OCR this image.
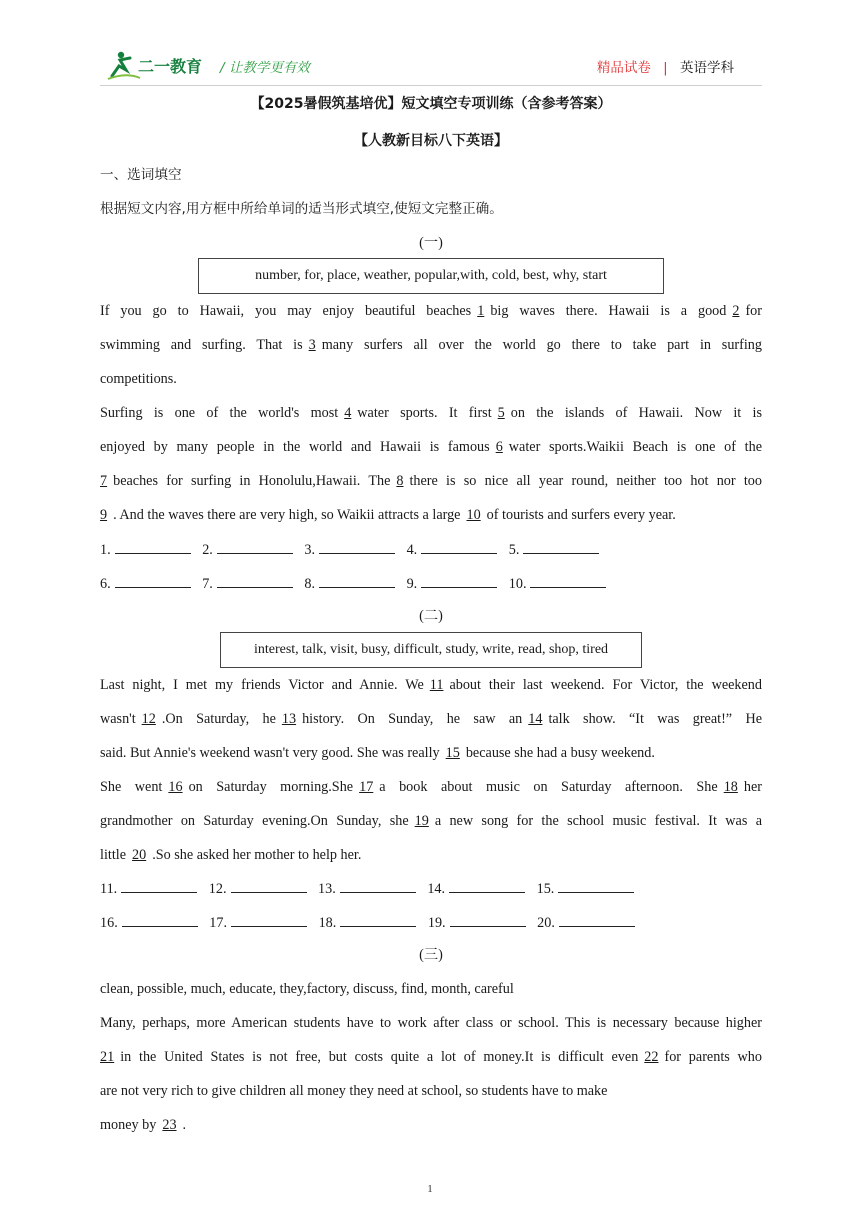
二一教育 / 让教学更有效	精品试卷 | 英语学科
【2025暑假筑基培优】短文填空专项训练（含参考答案）
【人教新目标八下英语】
一、选词填空
根据短文内容,用方框中所给单词的适当形式填空,使短文完整正确。
(一)
number, for, place, weather, popular,with, cold, best, why, start
If you go to Hawaii, you may enjoy beautiful beaches 1 big waves there. Hawaii is a good 2 for
swimming and surfing. That is 3 many surfers all over the world go there to take part in surfing
competitions.
Surfing is one of the world's most 4 water sports. It first 5 on the islands of Hawaii. Now it is
enjoyed by many people in the world and Hawaii is famous 6 water sports.Waikii Beach is one of the
7 beaches for surfing in Honolulu,Hawaii. The 8 there is so nice all year round, neither too hot nor too
9 . And the waves there are very high, so Waikii attracts a large 10 of tourists and surfers every year.
1.	2.	3.	4.	5.
6.	7.	8.	9.	10.
(二)
interest, talk, visit, busy, difficult, study, write, read, shop, tired
Last night, I met my friends Victor and Annie. We 11 about their last weekend. For Victor, the weekend
wasn't 12 .On Saturday, he 13 history. On Sunday, he saw an 14 talk show. “It was great!” He
said. But Annie's weekend wasn't very good. She was really 15 because she had a busy weekend.
She went 16 on Saturday morning.She 17 a book about music on Saturday afternoon. She 18 her
grandmother on Saturday evening.On Sunday, she 19 a new song for the school music festival. It was a
little 20 .So she asked her mother to help her.
11.	12.	13.	14.	15.
16.	17.	18.	19.	20.
(三)
clean, possible, much, educate, they,factory, discuss, find, month, careful
Many, perhaps, more American students have to work after class or school. This is necessary because higher
21 in the United States is not free, but costs quite a lot of money.It is difficult even 22 for parents who
are not very rich to give children all money they need at school, so students have to make
money by 23 .
1
